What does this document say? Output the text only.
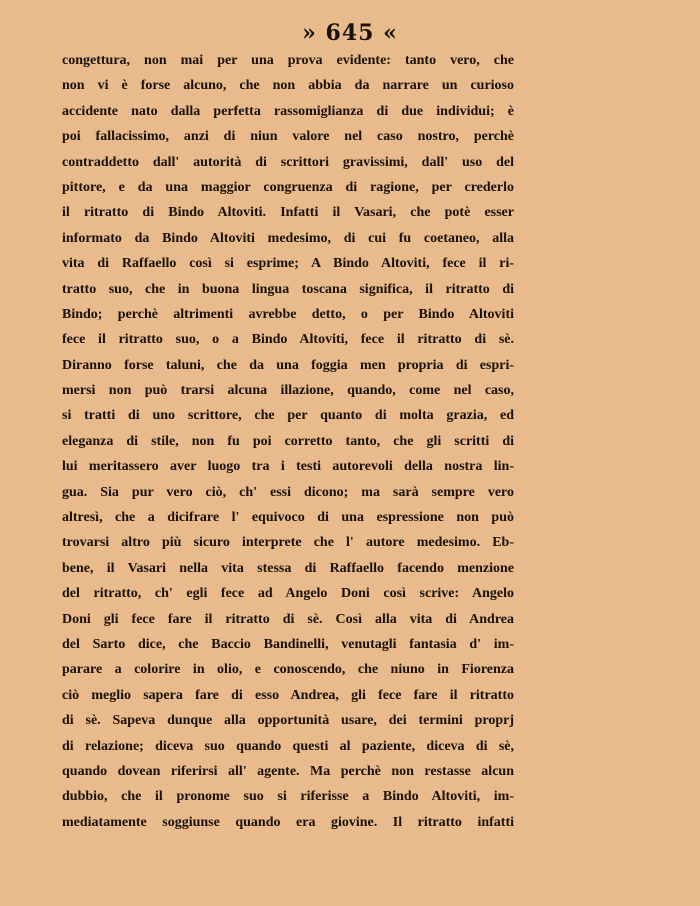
» 645 «
congettura, non mai per una prova evidente: tanto vero, che
non vi è forse alcuno, che non abbia da narrare un curioso
accidente nato dalla perfetta rassomiglianza di due individui; è
poi fallacissimo, anzi di niun valore nel caso nostro, perchè
contraddetto dall' autorità di scrittori gravissimi, dall' uso del
pittore, e da una maggior congruenza di ragione, per crederlo
il ritratto di Bindo Altoviti. Infatti il Vasari, che potè esser
informato da Bindo Altoviti medesimo, di cui fu coetaneo, alla
vita di Raffaello così si esprime; A Bindo Altoviti, fece il ri-
tratto suo, che in buona lingua toscana significa, il ritratto di
Bindo; perchè altrimenti avrebbe detto, o per Bindo Altoviti
fece il ritratto suo, o a Bindo Altoviti, fece il ritratto di sè.
Diranno forse taluni, che da una foggia men propria di espri-
mersi non può trarsi alcuna illazione, quando, come nel caso,
si tratti di uno scrittore, che per quanto di molta grazia, ed
eleganza di stile, non fu poi corretto tanto, che gli scritti di
lui meritassero aver luogo tra i testi autorevoli della nostra lin-
gua. Sia pur vero ciò, ch' essi dicono; ma sarà sempre vero
altresì, che a dicifrare l' equivoco di una espressione non può
trovarsi altro più sicuro interprete che l' autore medesimo. Eb-
bene, il Vasari nella vita stessa di Raffaello facendo menzione
del ritratto, ch' egli fece ad Angelo Doni così scrive: Angelo
Doni gli fece fare il ritratto di sè. Così alla vita di Andrea
del Sarto dice, che Baccio Bandinelli, venutagli fantasia d' im-
parare a colorire in olio, e conoscendo, che niuno in Fiorenza
ciò meglio sapera fare di esso Andrea, gli fece fare il ritratto
di sè. Sapeva dunque alla opportunità usare, dei termini proprj
di relazione; diceva suo quando questi al paziente, diceva di sè,
quando dovean riferirsi all' agente. Ma perchè non restasse alcun
dubbio, che il pronome suo si riferisse a Bindo Altoviti, im-
mediatamente soggiunse quando era giovine. Il ritratto infatti
